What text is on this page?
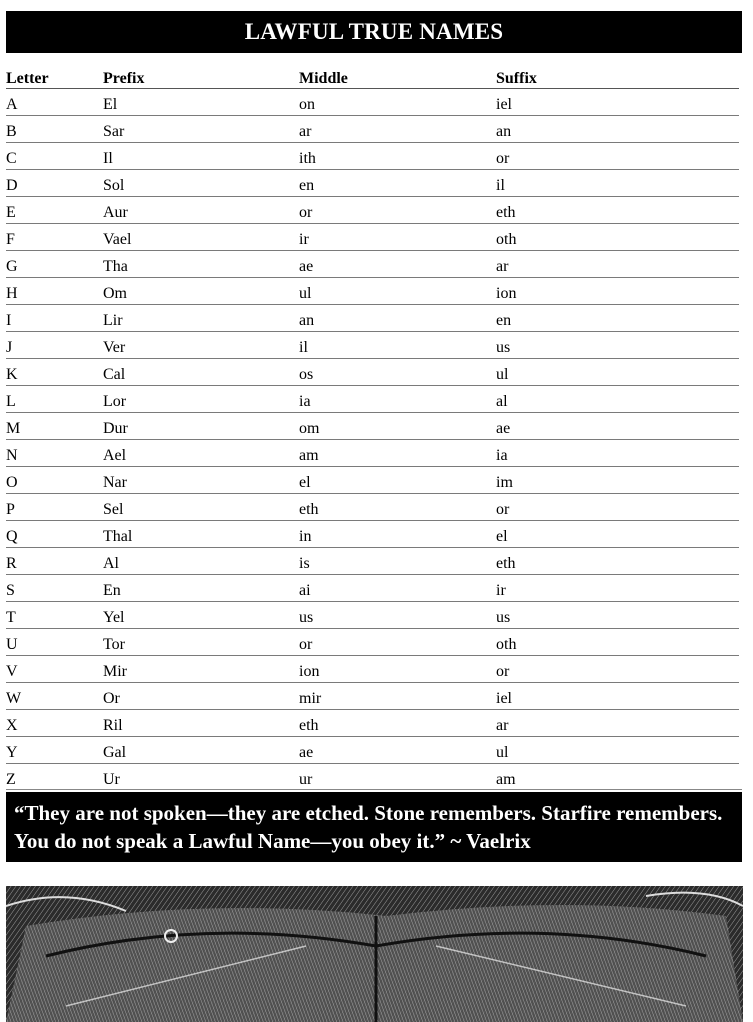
LAWFUL TRUE NAMES
Letter	Prefix	Middle	Suffix
A	El	on	iel
B	Sar	ar	an
C	Il	ith	or
D	Sol	en	il
E	Aur	or	eth
F	Vael	ir	oth
G	Tha	ae	ar
H	Om	ul	ion
I	Lir	an	en
J	Ver	il	us
K	Cal	os	ul
L	Lor	ia	al
M	Dur	om	ae
N	Ael	am	ia
O	Nar	el	im
P	Sel	eth	or
Q	Thal	in	el
R	Al	is	eth
S	En	ai	ir
T	Yel	us	us
U	Tor	or	oth
V	Mir	ion	or
W	Or	mir	iel
X	Ril	eth	ar
Y	Gal	ae	ul
Z	Ur	ur	am
“They are not spoken—they are etched. Stone remembers. Starfire remembers. You do not speak a Lawful Name—you obey it.” ~ Vaelrix
